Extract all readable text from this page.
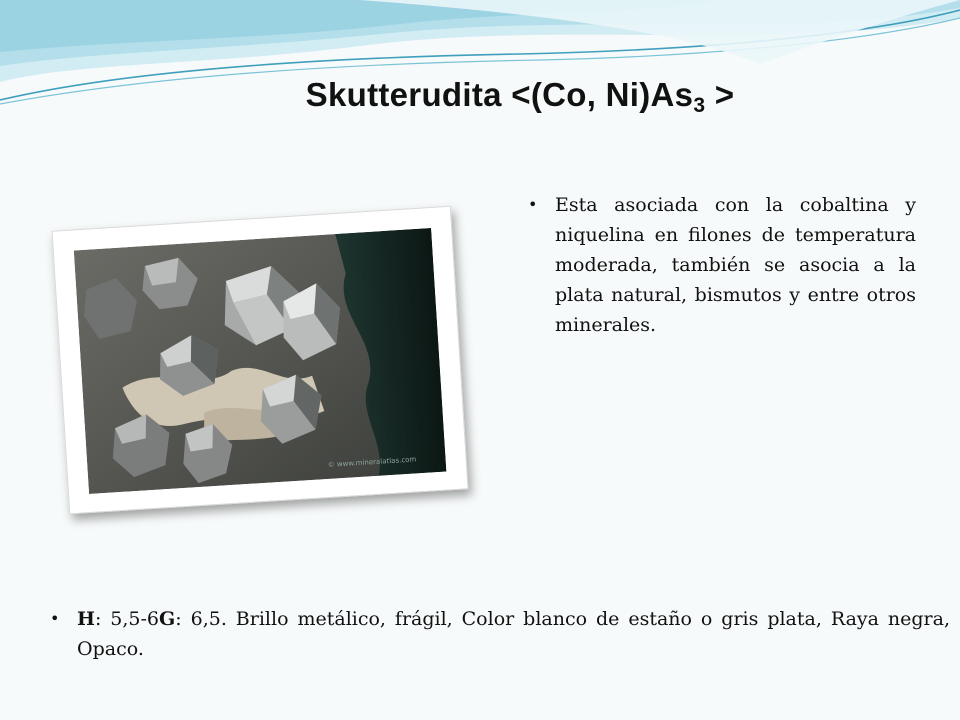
Skutterudita <(Co, $Ni)As_3$ >
© www.mineralatlas.com
• Esta asociada con la cobaltina y niquelina en filones de temperatura moderada, también se asocia a la plata natural, bismutos y entre otros minerales.
• H: 5,5-6G: 6,5. Brillo metálico, frágil, Color blanco de estaño o gris plata, Raya negra, Opaco.
